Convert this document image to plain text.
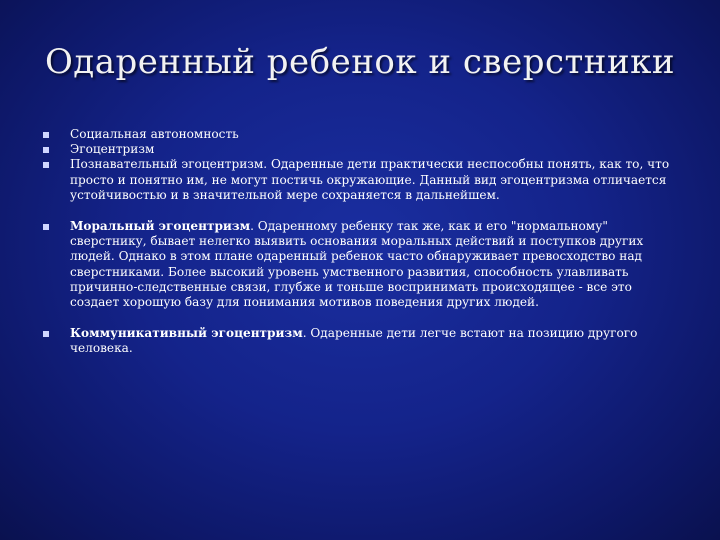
Одаренный ребенок и сверстники
Социальная автономность
Эгоцентризм
Познавательный эгоцентризм. Одаренные дети практически неспособны понять, как то, что просто и понятно им, не могут постичь окружающие. Данный вид эгоцентризма отличается устойчивостью и в значительной мере сохраняется в дальнейшем.
Моральный эгоцентризм. Одаренному ребенку так же, как и его "нормальному" сверстнику, бывает нелегко выявить основания моральных действий и поступков других людей. Однако в этом плане одаренный ребенок часто обнаруживает превосходство над сверстниками. Более высокий уровень умственного развития, способность улавливать причинно-следственные связи, глубже и тоньше воспринимать происходящее - все это создает хорошую базу для понимания мотивов поведения других людей.
Коммуникативный эгоцентризм. Одаренные дети легче встают на позицию другого человека.
